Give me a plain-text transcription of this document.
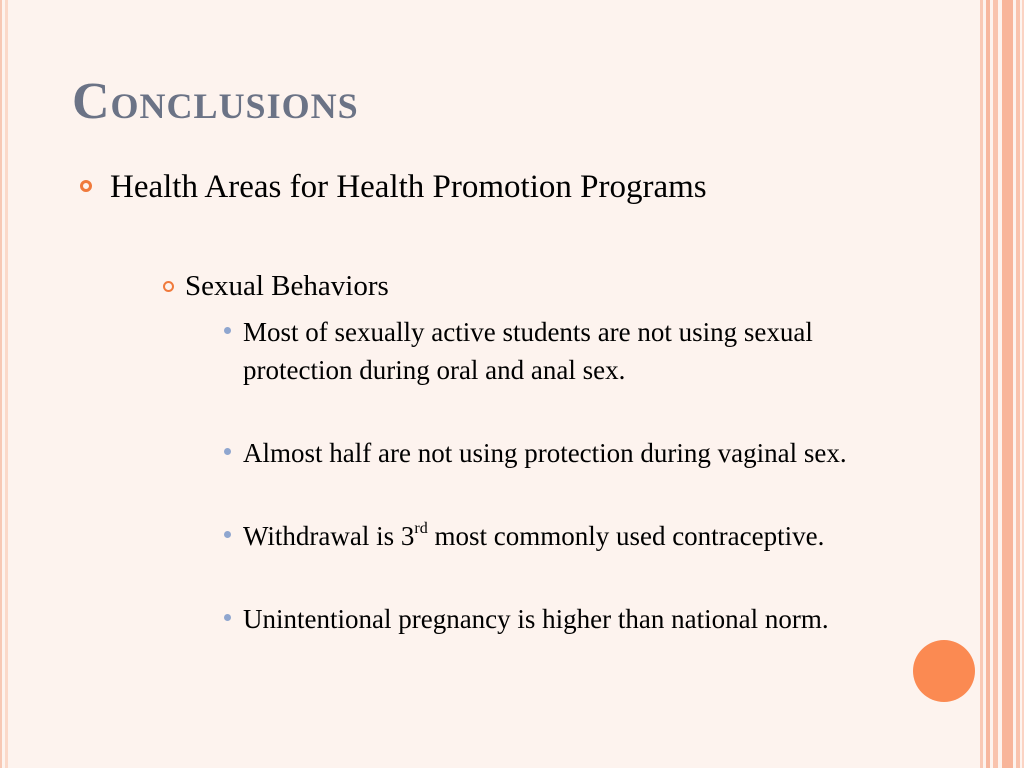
Conclusions
Health Areas for Health Promotion Programs
Sexual Behaviors
Most of sexually active students are not using sexual protection during oral and anal sex.
Almost half are not using protection during vaginal sex.
Withdrawal is 3rd most commonly used contraceptive.
Unintentional pregnancy is higher than national norm.
